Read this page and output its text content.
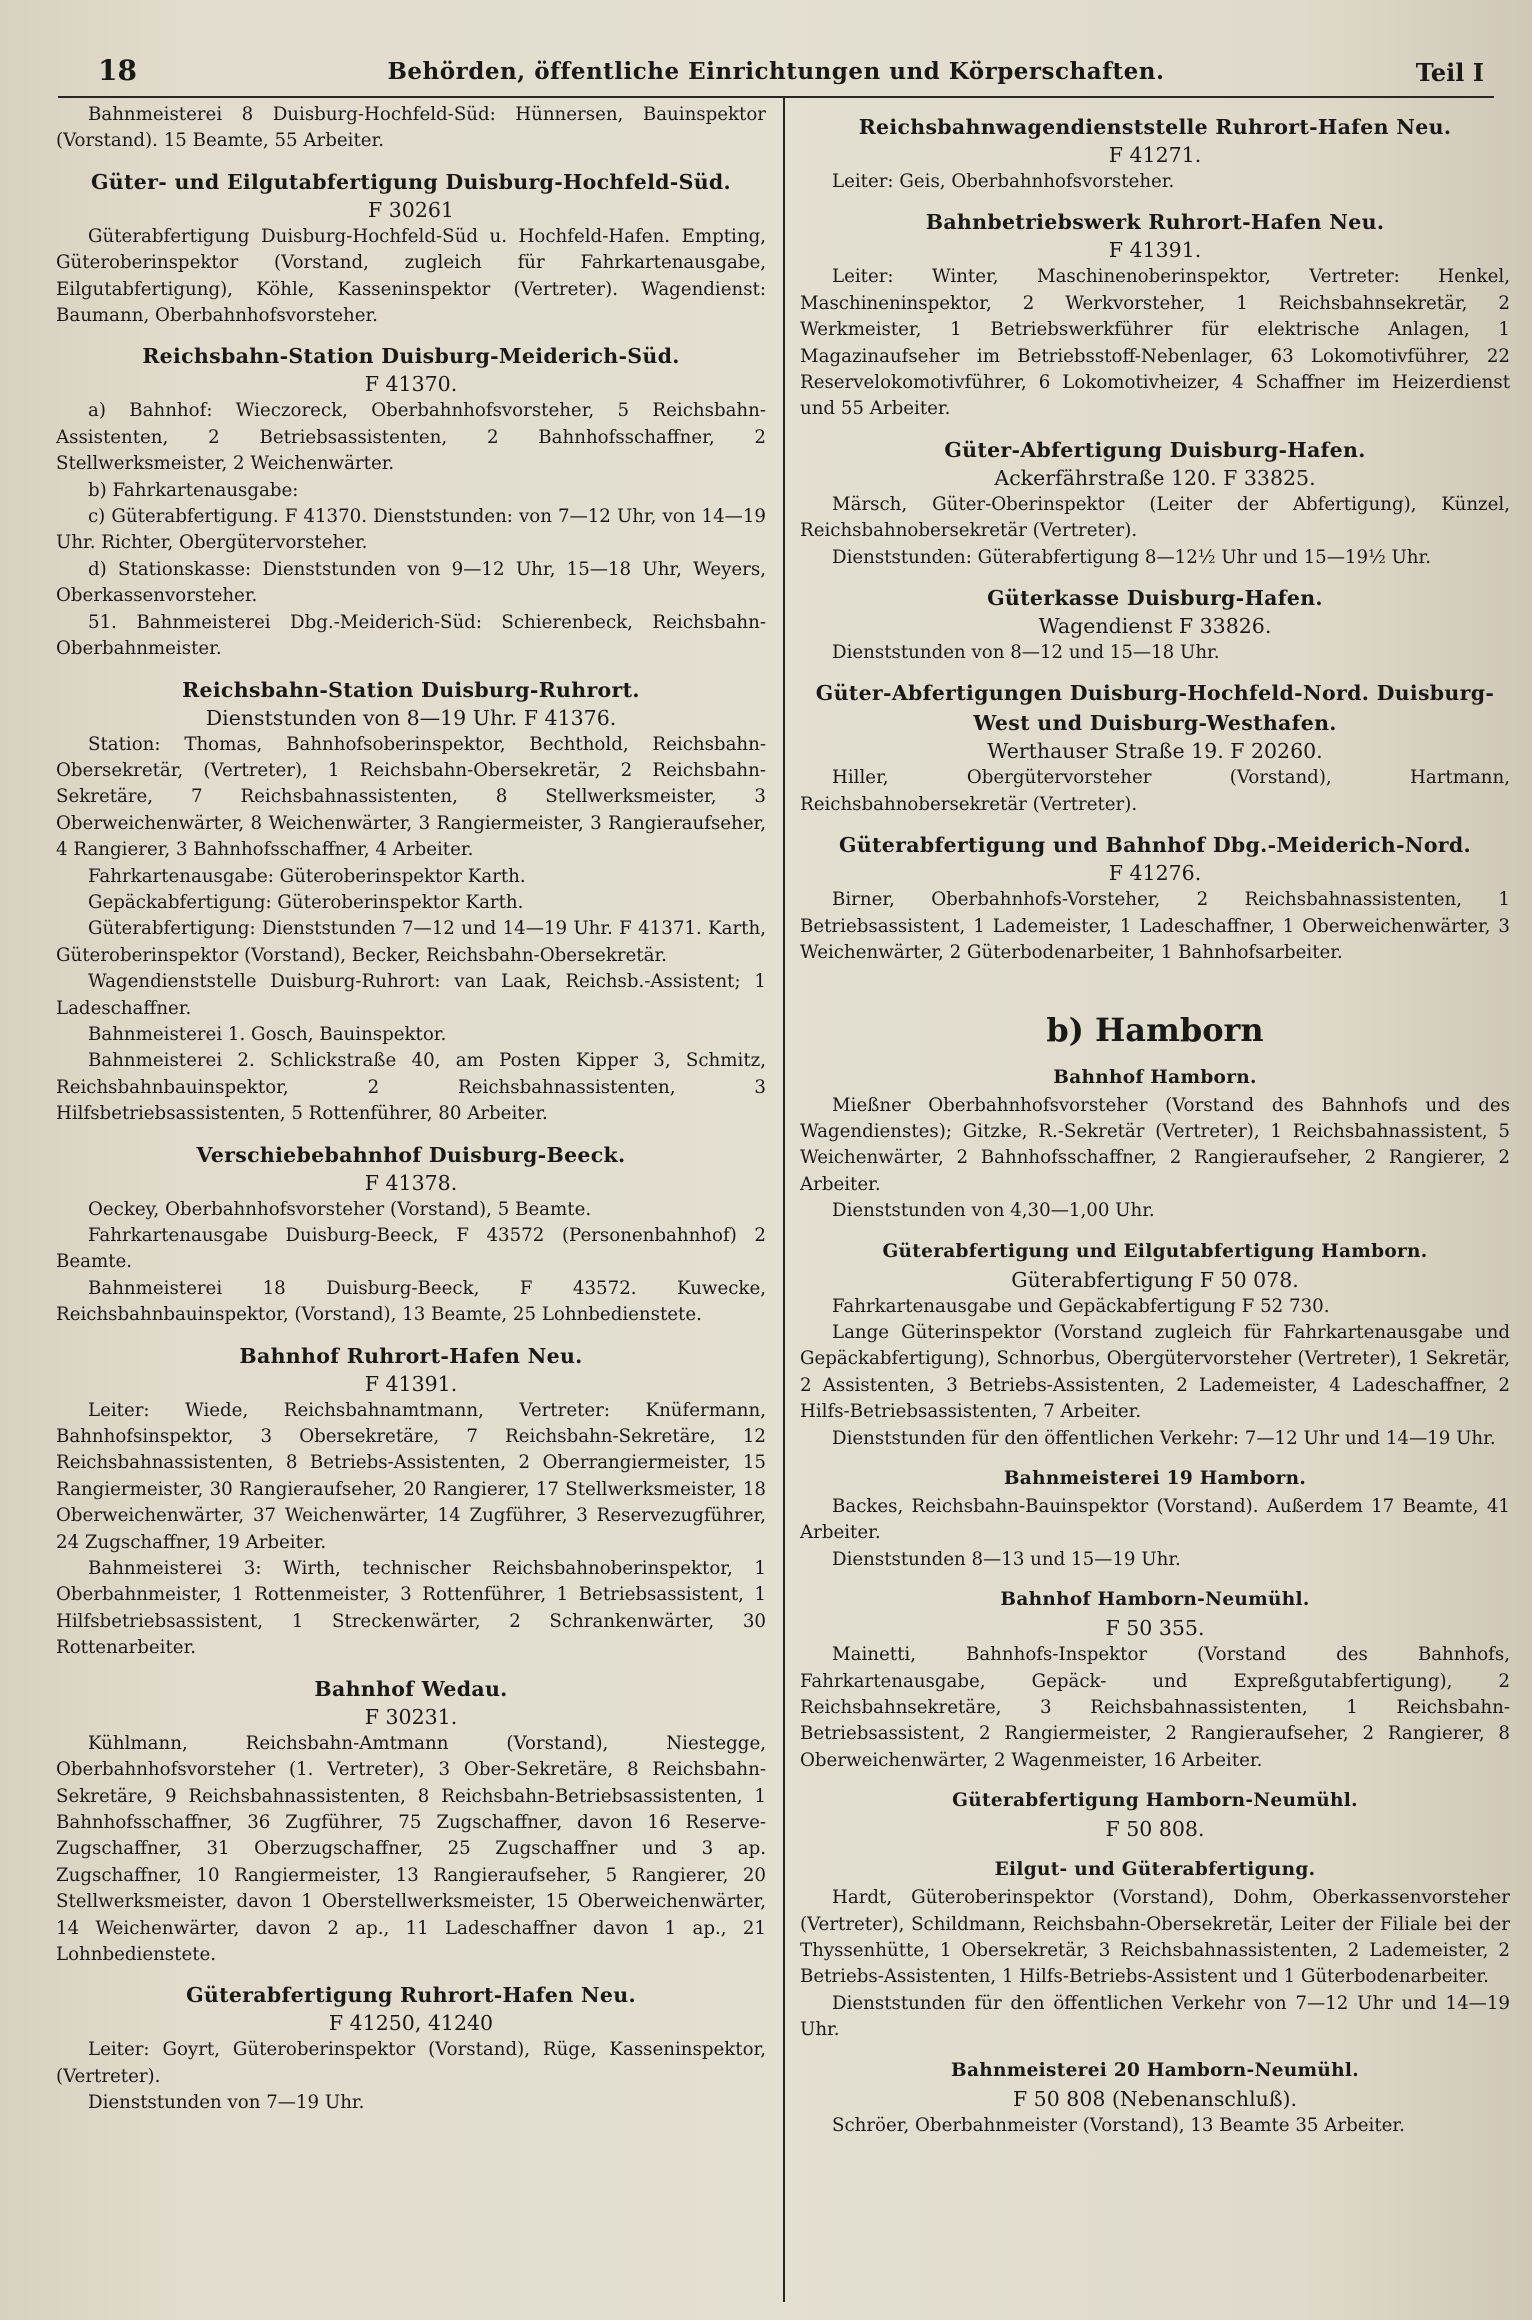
18	Behörden, öffentliche Einrichtungen und Körperschaften.	Teil I

Bahnmeisterei 8 Duisburg-Hochfeld-Süd: Hünnersen, Bauinspektor (Vorstand). 15 Beamte, 55 Arbeiter.

Güter- und Eilgutabfertigung Duisburg-Hochfeld-Süd.
F 30261

Güterabfertigung Duisburg-Hochfeld-Süd u. Hochfeld-Hafen. Empting, Güteroberinspektor (Vorstand, zugleich für Fahrkartenausgabe, Eilgutabfertigung), Köhle, Kasseninspektor (Vertreter). Wagendienst: Baumann, Oberbahnhofsvorsteher.

Reichsbahn-Station Duisburg-Meiderich-Süd.
F 41370.

a) Bahnhof: Wieczoreck, Oberbahnhofsvorsteher, 5 Reichsbahn-Assistenten, 2 Betriebsassistenten, 2 Bahnhofsschaffner, 2 Stellwerksmeister, 2 Weichenwärter.

b) Fahrkartenausgabe:

c) Güterabfertigung. F 41370. Dienststunden: von 7—12 Uhr, von 14—19 Uhr. Richter, Obergütervorsteher.

d) Stationskasse: Dienststunden von 9—12 Uhr, 15—18 Uhr, Weyers, Oberkassenvorsteher.

51. Bahnmeisterei Dbg.-Meiderich-Süd: Schierenbeck, Reichsbahn-Oberbahnmeister.

Reichsbahn-Station Duisburg-Ruhrort.
Dienststunden von 8—19 Uhr. F 41376.

Station: Thomas, Bahnhofsoberinspektor, Bechthold, Reichsbahn-Obersekretär, (Vertreter), 1 Reichsbahn-Obersekretär, 2 Reichsbahn-Sekretäre, 7 Reichsbahnassistenten, 8 Stellwerksmeister, 3 Oberweichenwärter, 8 Weichenwärter, 3 Rangiermeister, 3 Rangieraufseher, 4 Rangierer, 3 Bahnhofsschaffner, 4 Arbeiter.

Fahrkartenausgabe: Güteroberinspektor Karth.

Gepäckabfertigung: Güteroberinspektor Karth.

Güterabfertigung: Dienststunden 7—12 und 14—19 Uhr. F 41371. Karth, Güteroberinspektor (Vorstand), Becker, Reichsbahn-Obersekretär.

Wagendienststelle Duisburg-Ruhrort: van Laak, Reichsb.-Assistent; 1 Ladeschaffner.

Bahnmeisterei 1. Gosch, Bauinspektor.

Bahnmeisterei 2. Schlickstraße 40, am Posten Kipper 3, Schmitz, Reichsbahnbauinspektor, 2 Reichsbahnassistenten, 3 Hilfsbetriebsassistenten, 5 Rottenführer, 80 Arbeiter.

Verschiebebahnhof Duisburg-Beeck.
F 41378.

Oeckey, Oberbahnhofsvorsteher (Vorstand), 5 Beamte.

Fahrkartenausgabe Duisburg-Beeck, F 43572 (Personenbahnhof) 2 Beamte.

Bahnmeisterei 18 Duisburg-Beeck, F 43572. Kuwecke, Reichsbahnbauinspektor, (Vorstand), 13 Beamte, 25 Lohnbedienstete.

Bahnhof Ruhrort-Hafen Neu.
F 41391.

Leiter: Wiede, Reichsbahnamtmann, Vertreter: Knüfermann, Bahnhofsinspektor, 3 Obersekretäre, 7 Reichsbahn-Sekretäre, 12 Reichsbahnassistenten, 8 Betriebs-Assistenten, 2 Oberrangiermeister, 15 Rangiermeister, 30 Rangieraufseher, 20 Rangierer, 17 Stellwerksmeister, 18 Oberweichenwärter, 37 Weichenwärter, 14 Zugführer, 3 Reservezugführer, 24 Zugschaffner, 19 Arbeiter.

Bahnmeisterei 3: Wirth, technischer Reichsbahnoberinspektor, 1 Oberbahnmeister, 1 Rottenmeister, 3 Rottenführer, 1 Betriebsassistent, 1 Hilfsbetriebsassistent, 1 Streckenwärter, 2 Schrankenwärter, 30 Rottenarbeiter.

Bahnhof Wedau.
F 30231.

Kühlmann, Reichsbahn-Amtmann (Vorstand), Niestegge, Oberbahnhofsvorsteher (1. Vertreter), 3 Ober-Sekretäre, 8 Reichsbahn-Sekretäre, 9 Reichsbahnassistenten, 8 Reichsbahn-Betriebsassistenten, 1 Bahnhofsschaffner, 36 Zugführer, 75 Zugschaffner, davon 16 Reserve-Zugschaffner, 31 Oberzugschaffner, 25 Zugschaffner und 3 ap. Zugschaffner, 10 Rangiermeister, 13 Rangieraufseher, 5 Rangierer, 20 Stellwerksmeister, davon 1 Oberstellwerksmeister, 15 Oberweichenwärter, 14 Weichenwärter, davon 2 ap., 11 Ladeschaffner davon 1 ap., 21 Lohnbedienstete.

Güterabfertigung Ruhrort-Hafen Neu.
F 41250, 41240

Leiter: Goyrt, Güteroberinspektor (Vorstand), Rüge, Kasseninspektor, (Vertreter).

Dienststunden von 7—19 Uhr.

Reichsbahnwagendienststelle Ruhrort-Hafen Neu.
F 41271.

Leiter: Geis, Oberbahnhofsvorsteher.

Bahnbetriebswerk Ruhrort-Hafen Neu.
F 41391.

Leiter: Winter, Maschinenoberinspektor, Vertreter: Henkel, Maschineninspektor, 2 Werkvorsteher, 1 Reichsbahnsekretär, 2 Werkmeister, 1 Betriebswerkführer für elektrische Anlagen, 1 Magazinaufseher im Betriebsstoff-Nebenlager, 63 Lokomotivführer, 22 Reservelokomotivführer, 6 Lokomotivheizer, 4 Schaffner im Heizerdienst und 55 Arbeiter.

Güter-Abfertigung Duisburg-Hafen.
Ackerfährstraße 120. F 33825.

Märsch, Güter-Oberinspektor (Leiter der Abfertigung), Künzel, Reichsbahnobersekretär (Vertreter).

Dienststunden: Güterabfertigung 8—12½ Uhr und 15—19½ Uhr.

Güterkasse Duisburg-Hafen.
Wagendienst F 33826.

Dienststunden von 8—12 und 15—18 Uhr.

Güter-Abfertigungen Duisburg-Hochfeld-Nord. Duisburg-West und Duisburg-Westhafen.
Werthauser Straße 19. F 20260.

Hiller, Obergütervorsteher (Vorstand), Hartmann, Reichsbahnobersekretär (Vertreter).

Güterabfertigung und Bahnhof Dbg.-Meiderich-Nord.
F 41276.

Birner, Oberbahnhofs-Vorsteher, 2 Reichsbahnassistenten, 1 Betriebsassistent, 1 Lademeister, 1 Ladeschaffner, 1 Oberweichenwärter, 3 Weichenwärter, 2 Güterbodenarbeiter, 1 Bahnhofsarbeiter.

b) Hamborn
Bahnhof Hamborn.

Mießner Oberbahnhofsvorsteher (Vorstand des Bahnhofs und des Wagendienstes); Gitzke, R.-Sekretär (Vertreter), 1 Reichsbahnassistent, 5 Weichenwärter, 2 Bahnhofsschaffner, 2 Rangieraufseher, 2 Rangierer, 2 Arbeiter.

Dienststunden von 4,30—1,00 Uhr.

Güterabfertigung und Eilgutabfertigung Hamborn.
Güterabfertigung F 50 078.

Fahrkartenausgabe und Gepäckabfertigung F 52 730.

Lange Güterinspektor (Vorstand zugleich für Fahrkartenausgabe und Gepäckabfertigung), Schnorbus, Obergütervorsteher (Vertreter), 1 Sekretär, 2 Assistenten, 3 Betriebs-Assistenten, 2 Lademeister, 4 Ladeschaffner, 2 Hilfs-Betriebsassistenten, 7 Arbeiter.

Dienststunden für den öffentlichen Verkehr: 7—12 Uhr und 14—19 Uhr.

Bahnmeisterei 19 Hamborn.

Backes, Reichsbahn-Bauinspektor (Vorstand). Außerdem 17 Beamte, 41 Arbeiter.

Dienststunden 8—13 und 15—19 Uhr.

Bahnhof Hamborn-Neumühl.
F 50 355.

Mainetti, Bahnhofs-Inspektor (Vorstand des Bahnhofs, Fahrkartenausgabe, Gepäck- und Expreßgutabfertigung), 2 Reichsbahnsekretäre, 3 Reichsbahnassistenten, 1 Reichsbahn-Betriebsassistent, 2 Rangiermeister, 2 Rangieraufseher, 2 Rangierer, 8 Oberweichenwärter, 2 Wagenmeister, 16 Arbeiter.

Güterabfertigung Hamborn-Neumühl.
F 50 808.
Eilgut- und Güterabfertigung.

Hardt, Güteroberinspektor (Vorstand), Dohm, Oberkassenvorsteher (Vertreter), Schildmann, Reichsbahn-Obersekretär, Leiter der Filiale bei der Thyssenhütte, 1 Obersekretär, 3 Reichsbahnassistenten, 2 Lademeister, 2 Betriebs-Assistenten, 1 Hilfs-Betriebs-Assistent und 1 Güterbodenarbeiter.

Dienststunden für den öffentlichen Verkehr von 7—12 Uhr und 14—19 Uhr.

Bahnmeisterei 20 Hamborn-Neumühl.
F 50 808 (Nebenanschluß).

Schröer, Oberbahnmeister (Vorstand), 13 Beamte 35 Arbeiter.
